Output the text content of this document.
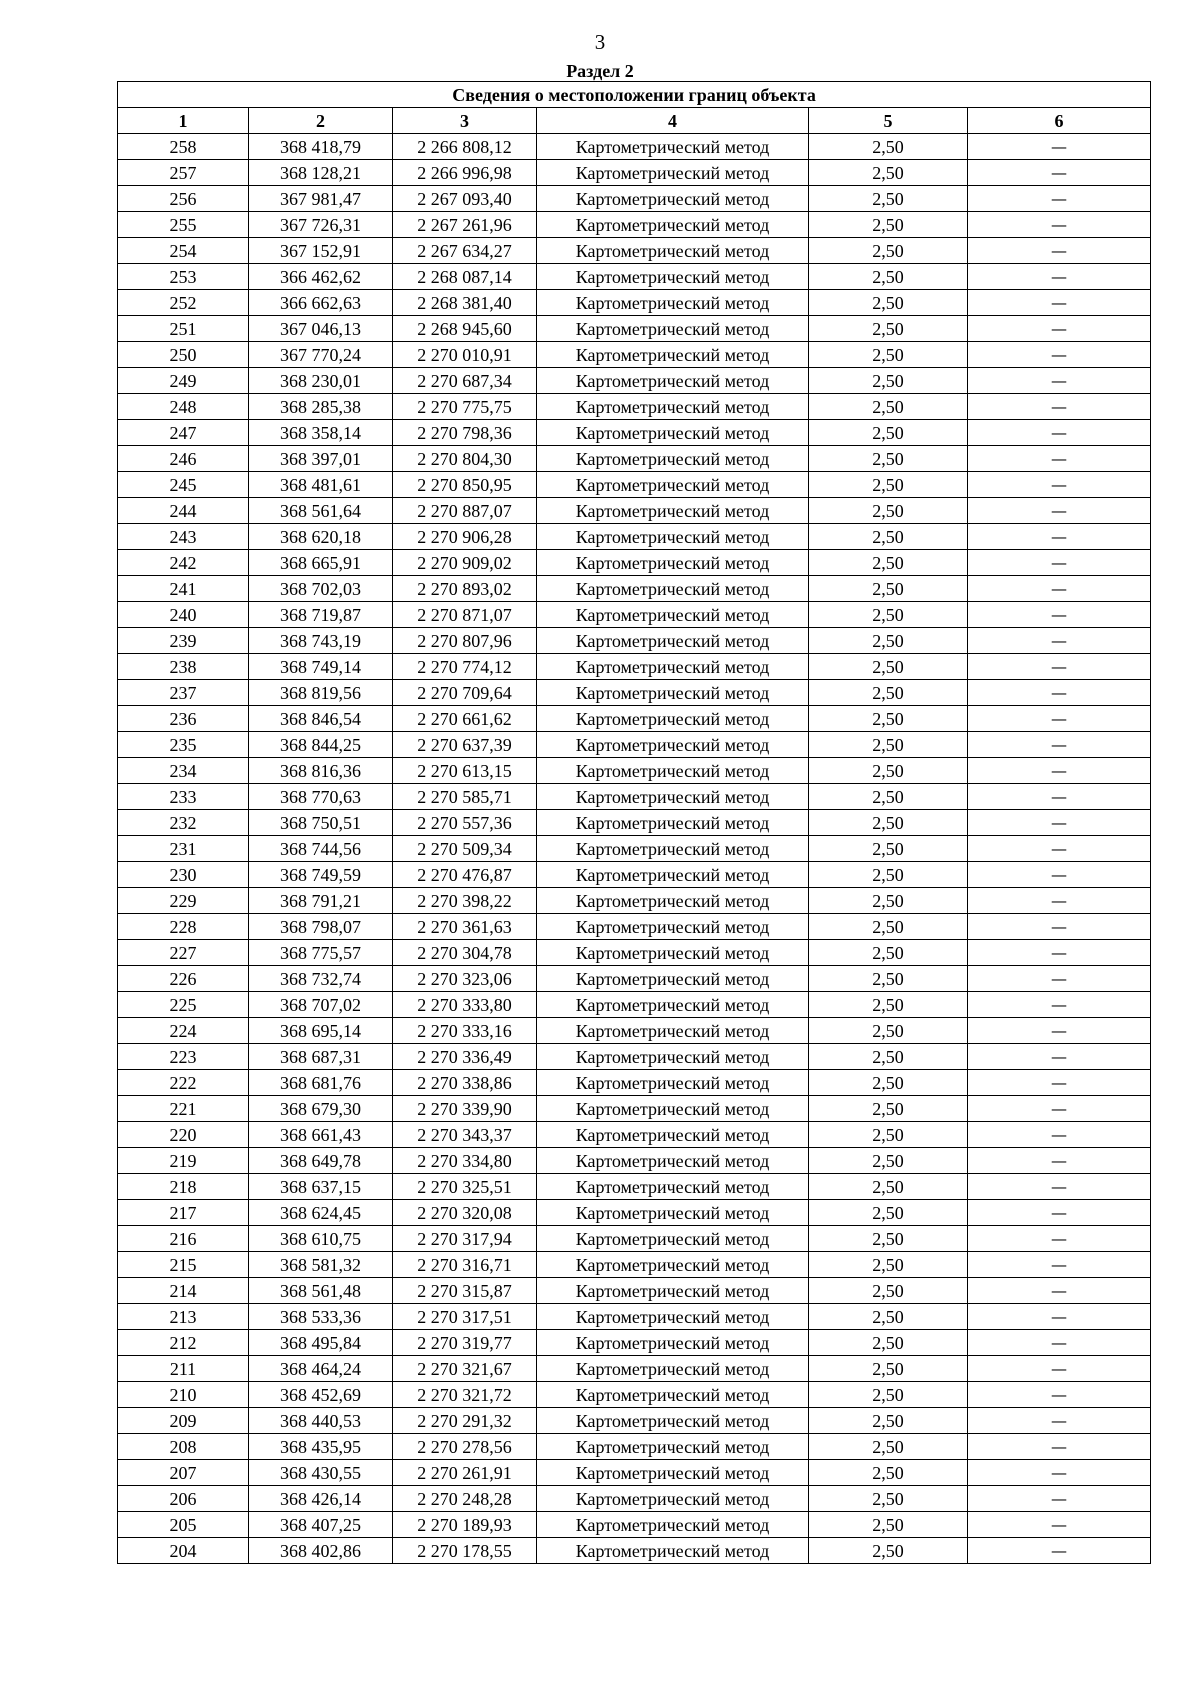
3
Раздел 2
Сведения о местоположении границ объекта					
1	2	3	4	5	6
258	368 418,79	2 266 808,12	Картометрический метод	2,50	—
257	368 128,21	2 266 996,98	Картометрический метод	2,50	—
256	367 981,47	2 267 093,40	Картометрический метод	2,50	—
255	367 726,31	2 267 261,96	Картометрический метод	2,50	—
254	367 152,91	2 267 634,27	Картометрический метод	2,50	—
253	366 462,62	2 268 087,14	Картометрический метод	2,50	—
252	366 662,63	2 268 381,40	Картометрический метод	2,50	—
251	367 046,13	2 268 945,60	Картометрический метод	2,50	—
250	367 770,24	2 270 010,91	Картометрический метод	2,50	—
249	368 230,01	2 270 687,34	Картометрический метод	2,50	—
248	368 285,38	2 270 775,75	Картометрический метод	2,50	—
247	368 358,14	2 270 798,36	Картометрический метод	2,50	—
246	368 397,01	2 270 804,30	Картометрический метод	2,50	—
245	368 481,61	2 270 850,95	Картометрический метод	2,50	—
244	368 561,64	2 270 887,07	Картометрический метод	2,50	—
243	368 620,18	2 270 906,28	Картометрический метод	2,50	—
242	368 665,91	2 270 909,02	Картометрический метод	2,50	—
241	368 702,03	2 270 893,02	Картометрический метод	2,50	—
240	368 719,87	2 270 871,07	Картометрический метод	2,50	—
239	368 743,19	2 270 807,96	Картометрический метод	2,50	—
238	368 749,14	2 270 774,12	Картометрический метод	2,50	—
237	368 819,56	2 270 709,64	Картометрический метод	2,50	—
236	368 846,54	2 270 661,62	Картометрический метод	2,50	—
235	368 844,25	2 270 637,39	Картометрический метод	2,50	—
234	368 816,36	2 270 613,15	Картометрический метод	2,50	—
233	368 770,63	2 270 585,71	Картометрический метод	2,50	—
232	368 750,51	2 270 557,36	Картометрический метод	2,50	—
231	368 744,56	2 270 509,34	Картометрический метод	2,50	—
230	368 749,59	2 270 476,87	Картометрический метод	2,50	—
229	368 791,21	2 270 398,22	Картометрический метод	2,50	—
228	368 798,07	2 270 361,63	Картометрический метод	2,50	—
227	368 775,57	2 270 304,78	Картометрический метод	2,50	—
226	368 732,74	2 270 323,06	Картометрический метод	2,50	—
225	368 707,02	2 270 333,80	Картометрический метод	2,50	—
224	368 695,14	2 270 333,16	Картометрический метод	2,50	—
223	368 687,31	2 270 336,49	Картометрический метод	2,50	—
222	368 681,76	2 270 338,86	Картометрический метод	2,50	—
221	368 679,30	2 270 339,90	Картометрический метод	2,50	—
220	368 661,43	2 270 343,37	Картометрический метод	2,50	—
219	368 649,78	2 270 334,80	Картометрический метод	2,50	—
218	368 637,15	2 270 325,51	Картометрический метод	2,50	—
217	368 624,45	2 270 320,08	Картометрический метод	2,50	—
216	368 610,75	2 270 317,94	Картометрический метод	2,50	—
215	368 581,32	2 270 316,71	Картометрический метод	2,50	—
214	368 561,48	2 270 315,87	Картометрический метод	2,50	—
213	368 533,36	2 270 317,51	Картометрический метод	2,50	—
212	368 495,84	2 270 319,77	Картометрический метод	2,50	—
211	368 464,24	2 270 321,67	Картометрический метод	2,50	—
210	368 452,69	2 270 321,72	Картометрический метод	2,50	—
209	368 440,53	2 270 291,32	Картометрический метод	2,50	—
208	368 435,95	2 270 278,56	Картометрический метод	2,50	—
207	368 430,55	2 270 261,91	Картометрический метод	2,50	—
206	368 426,14	2 270 248,28	Картометрический метод	2,50	—
205	368 407,25	2 270 189,93	Картометрический метод	2,50	—
204	368 402,86	2 270 178,55	Картометрический метод	2,50	—
